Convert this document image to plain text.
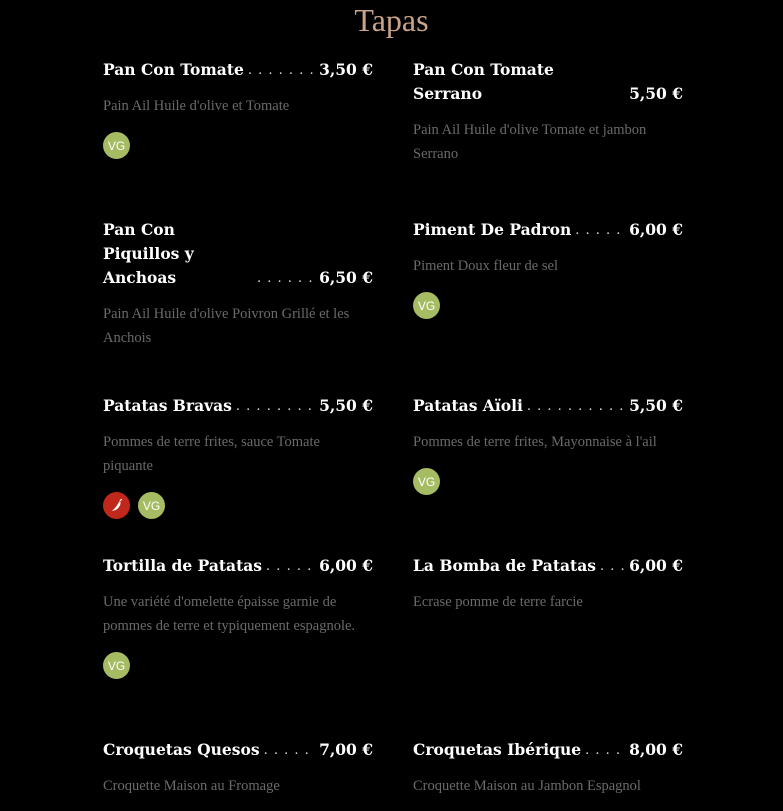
Tapas
Pan Con Tomate . . .	3,50 €
Pain Ail Huile d'olive et Tomate
VG
Pan Con Tomate Serrano	5,50 €
Pain Ail Huile d'olive Tomate et jambon Serrano
Pan Con Piquillos y Anchoas . . .	6,50 €
Pain Ail Huile d'olive Poivron Grillé et les Anchois
Piment De Padron . . .	6,00 €
Piment Doux fleur de sel
VG
Patatas Bravas . . .	5,50 €
Pommes de terre frites, sauce Tomate piquante
VG
Patatas Aïoli . . .	5,50 €
Pommes de terre frites, Mayonnaise à l'ail
VG
Tortilla de Patatas . . .	6,00 €
Une variété d'omelette épaisse garnie de pommes de terre et typiquement espagnole.
VG
La Bomba de Patatas . . . 6,00 €
Ecrase pomme de terre farcie
Croquetas Quesos . . .	7,00 €
Croquette Maison au Fromage
Croquetas Ibérique . . .	8,00 €
Croquette Maison au Jambon Espagnol
